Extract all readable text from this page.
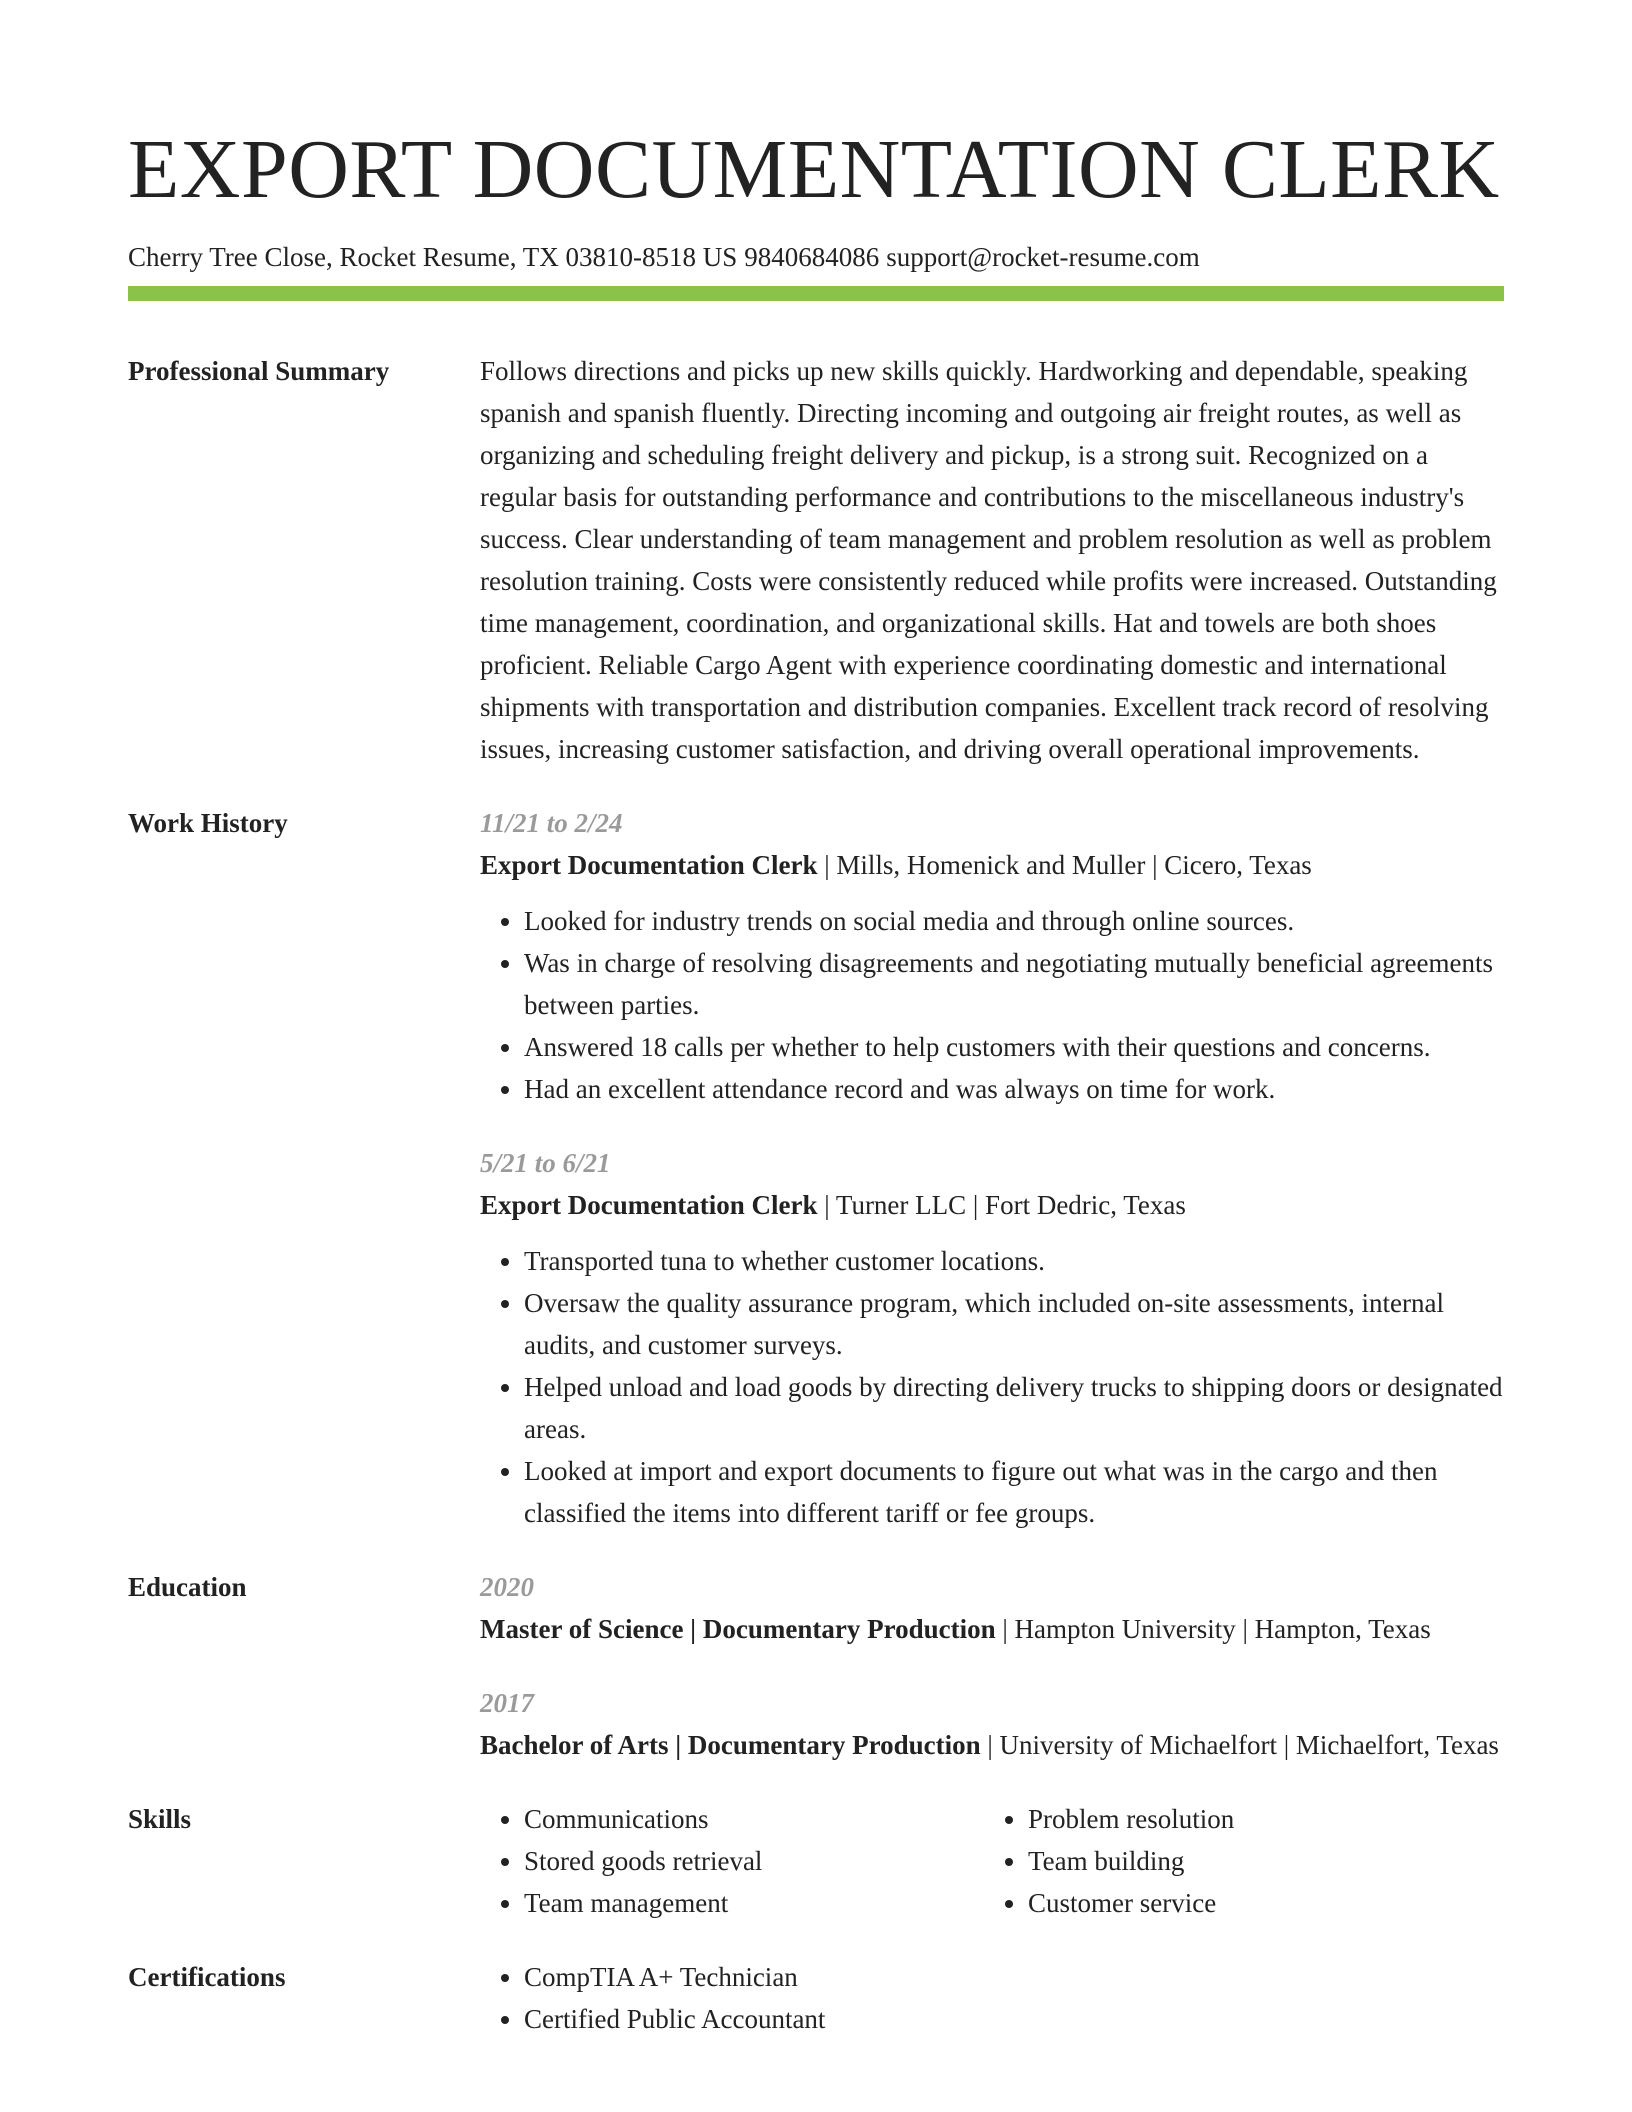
EXPORT DOCUMENTATION CLERK
Cherry Tree Close, Rocket Resume, TX 03810-8518 US 9840684086 support@rocket-resume.com
Professional Summary	Follows directions and picks up new skills quickly. Hardworking and dependable, speaking spanish and spanish fluently. Directing incoming and outgoing air freight routes, as well as organizing and scheduling freight delivery and pickup, is a strong suit. Recognized on a regular basis for outstanding performance and contributions to the miscellaneous industry's success. Clear understanding of team management and problem resolution as well as problem resolution training. Costs were consistently reduced while profits were increased. Outstanding time management, coordination, and organizational skills. Hat and towels are both shoes proficient. Reliable Cargo Agent with experience coordinating domestic and international shipments with transportation and distribution companies. Excellent track record of resolving issues, increasing customer satisfaction, and driving overall operational improvements.

Work History	11/21 to 2/24
Export Documentation Clerk | Mills, Homenick and Muller | Cicero, Texas
• Looked for industry trends on social media and through online sources.
• Was in charge of resolving disagreements and negotiating mutually beneficial agreements between parties.
• Answered 18 calls per whether to help customers with their questions and concerns.
• Had an excellent attendance record and was always on time for work.
5/21 to 6/21
Export Documentation Clerk | Turner LLC | Fort Dedric, Texas
• Transported tuna to whether customer locations.
• Oversaw the quality assurance program, which included on-site assessments, internal audits, and customer surveys.
• Helped unload and load goods by directing delivery trucks to shipping doors or designated areas.
• Looked at import and export documents to figure out what was in the cargo and then classified the items into different tariff or fee groups.
Education	2020
Master of Science | Documentary Production | Hampton University | Hampton, Texas
2017
Bachelor of Arts | Documentary Production | University of Michaelfort | Michaelfort, Texas
Skills	• Communications
• Stored goods retrieval
• Team management
• Problem resolution
• Team building
• Customer service
Certifications	• CompTIA A+ Technician
• Certified Public Accountant
